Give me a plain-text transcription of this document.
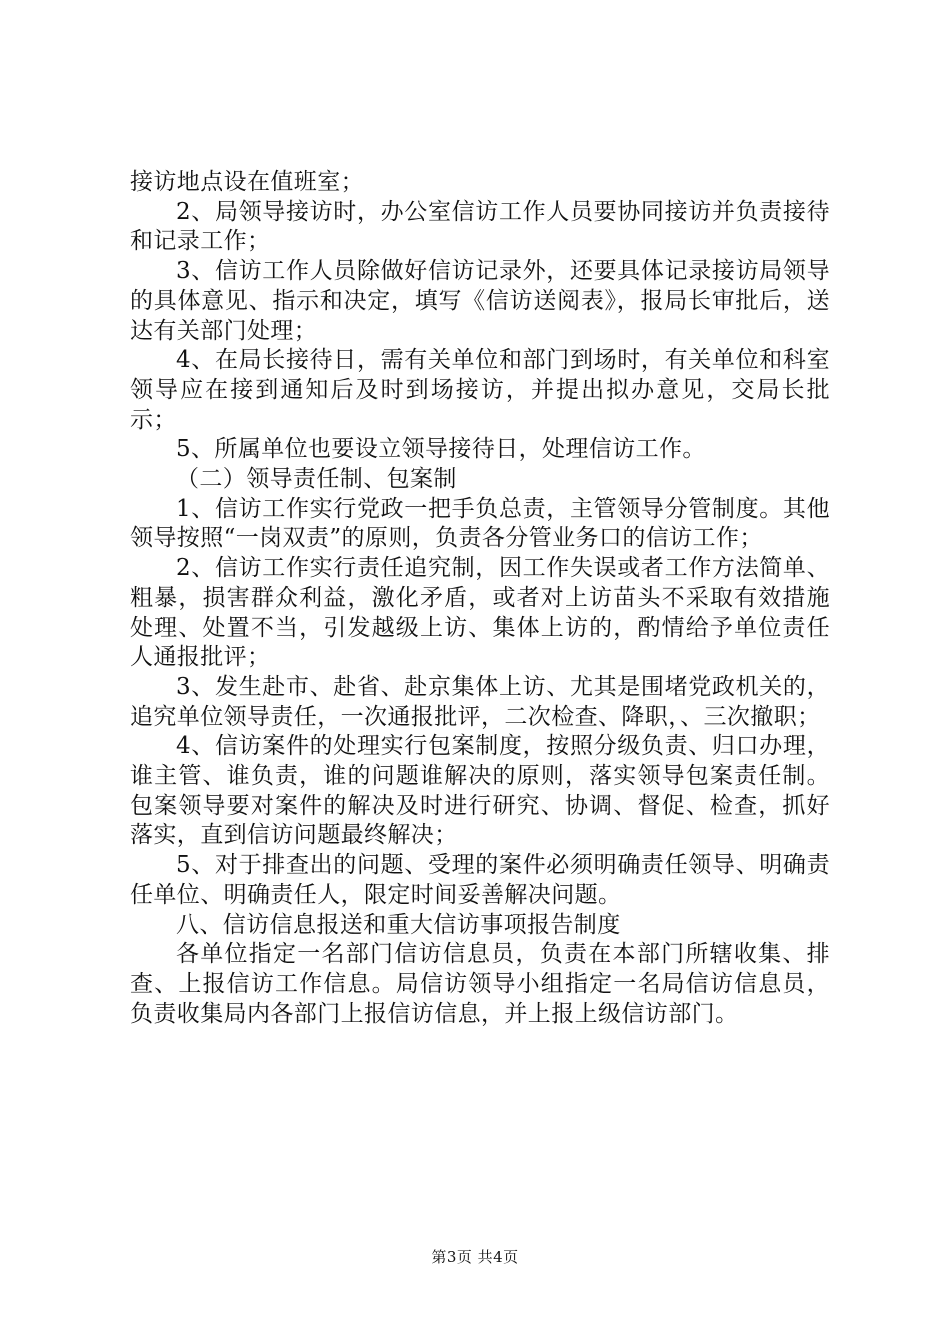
接访地点设在值班室；

2、局领导接访时，办公室信访工作人员要协同接访并负责接待和记录工作；

3、信访工作人员除做好信访记录外，还要具体记录接访局领导的具体意见、指示和决定，填写《信访送阅表》，报局长审批后，送达有关部门处理；

4、在局长接待日，需有关单位和部门到场时，有关单位和科室领导应在接到通知后及时到场接访，并提出拟办意见，交局长批示；

5、所属单位也要设立领导接待日，处理信访工作。

（二）领导责任制、包案制

1、信访工作实行党政一把手负总责，主管领导分管制度。其他领导按照“一岗双责”的原则，负责各分管业务口的信访工作；

2、信访工作实行责任追究制，因工作失误或者工作方法简单、粗暴，损害群众利益，激化矛盾，或者对上访苗头不采取有效措施处理、处置不当，引发越级上访、集体上访的，酌情给予单位责任人通报批评；

3、发生赴市、赴省、赴京集体上访、尤其是围堵党政机关的，追究单位领导责任，一次通报批评，二次检查、降职，、三次撤职；

4、信访案件的处理实行包案制度，按照分级负责、归口办理，谁主管、谁负责，谁的问题谁解决的原则，落实领导包案责任制。包案领导要对案件的解决及时进行研究、协调、督促、检查，抓好落实，直到信访问题最终解决；

5、对于排查出的问题、受理的案件必须明确责任领导、明确责任单位、明确责任人，限定时间妥善解决问题。

八、信访信息报送和重大信访事项报告制度

各单位指定一名部门信访信息员，负责在本部门所辖收集、排查、上报信访工作信息。局信访领导小组指定一名局信访信息员，负责收集局内各部门上报信访信息，并上报上级信访部门。

第3页 共4页
